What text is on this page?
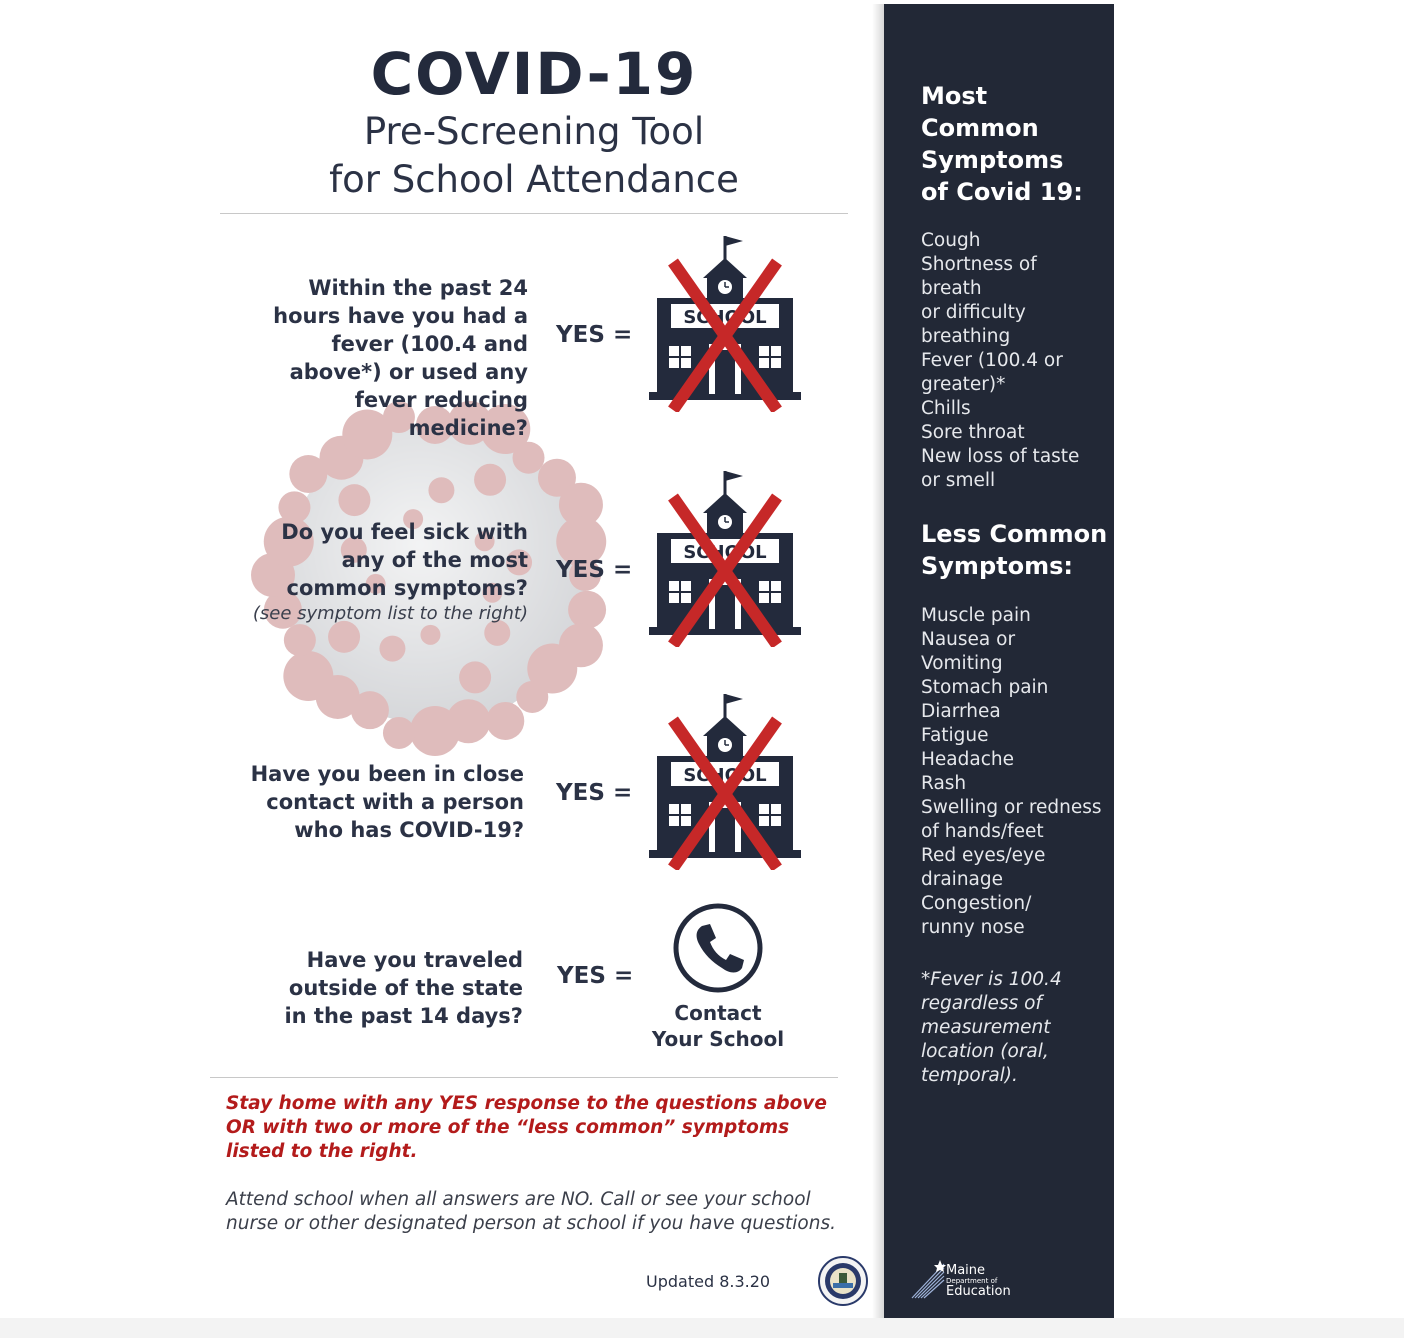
COVID-19
Pre-Screening Tool
for School Attendance
Within the past 24 hours have you had a fever (100.4 and above*) or used any fever reducing medicine?
YES =
Do you feel sick with any of the most common symptoms?
(see symptom list to the right)
YES =
Have you been in close contact with a person who has COVID-19?
YES =
Have you traveled outside of the state in the past 14 days?
YES =
Contact
Your School
Stay home with any YES response to the questions above OR with two or more of the “less common” symptoms listed to the right.
Attend school when all answers are NO. Call or see your school nurse or other designated person at school if you have questions.
Updated 8.3.20
Most
Common
Symptoms
of Covid 19:
Cough
Shortness of
breath
or difficulty
breathing
Fever (100.4 or
greater)*
Chills
Sore throat
New loss of taste
or smell
Less Common
Symptoms:
Muscle pain
Nausea or
Vomiting
Stomach pain
Diarrhea
Fatigue
Headache
Rash
Swelling or redness
of hands/feet
Red eyes/eye
drainage
Congestion/
runny nose
*Fever is 100.4 regardless of measurement location (oral, temporal).
Maine
Department of
Education
